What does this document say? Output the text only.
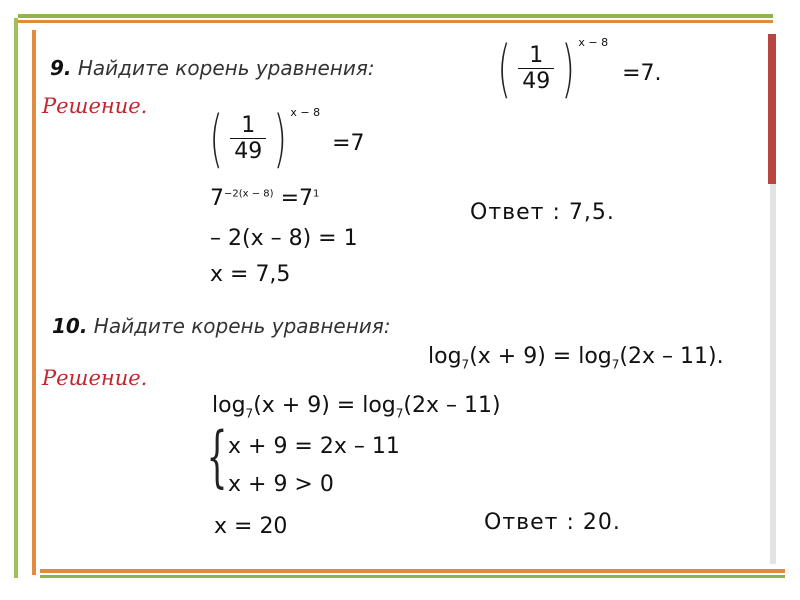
9. Найдите корень уравнения: ( $\frac{1}{49}$ ) x − 8
=7.
Решение. ( $\frac{1}{49}$ ) x − 8
=7
$7^{-2(x - 8)} =7^1$
– 2(x – 8) = 1
x = 7,5
Ответ : 7,5.
10. Найдите корень уравнения:
$\log_7(x + 9) = \log_7(2x - 11)$.
Решение.
$\log_7(x + 9) = \log_7(2x - 11)$
{ x + 9 = 2x – 11
x + 9 > 0
x = 20	Ответ : 20.
